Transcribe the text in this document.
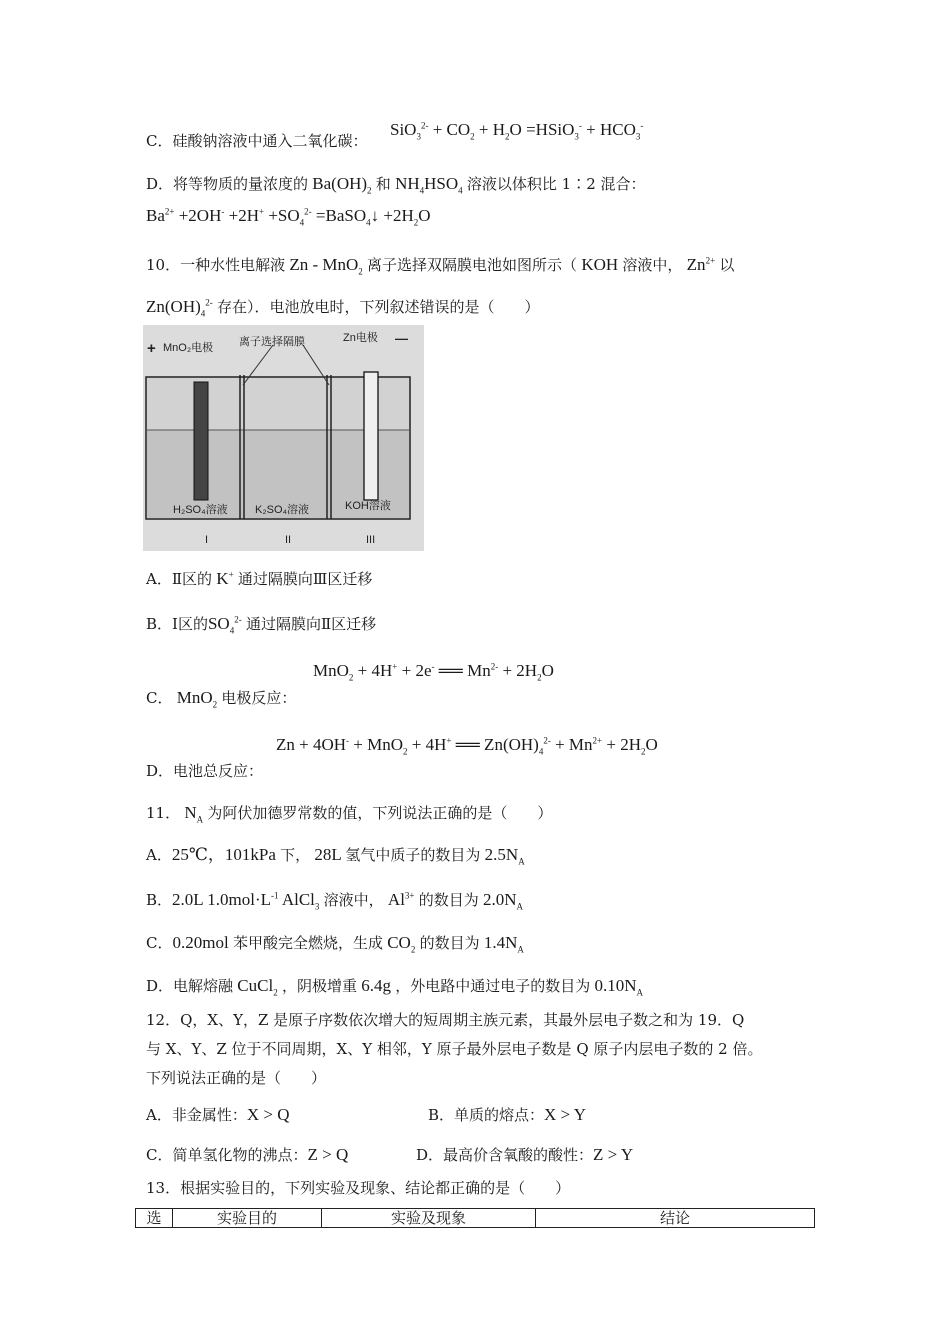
C．硅酸钠溶液中通入二氧化碳：
$SiO_3^{2-} + CO_2 + H_2O$ =HSiO$_3$- + $HCO_3^-$
D．将等物质的量浓度的 $Ba(OH)_2$ 和 $NH_4HSO_4$ 溶液以体积比 1∶2 混合：
$Ba^{2+} +2OH^- +2H^+ +SO_4^{2-}$ =BaSO$_4$↓ $+2H_2O$
10．一种水性电解液 Zn - MnO$_2$ 离子选择双隔膜电池如图所示（ KOH 溶液中， $Zn^{2+}$ 以
$Zn(OH)_4^{2-}$ 存在）．电池放电时，下列叙述错误的是（　　）
+
—
MnO₂电极 离子选择隔膜	Zn电极
H₂SO₄溶液 K₂SO₄溶液	KOH溶液
I	II	III
A．Ⅱ区的 K+ 通过隔膜向Ⅲ区迁移
B．Ⅰ区的$SO_4^{2-}$ 通过隔膜向Ⅱ区迁移
MnO$_2$ + 4H+ + 2e- ══ $Mn^{2-} + 2H_2O$
C． MnO$_2$ 电极反应：
Zn + 4OH- + MnO$_2$ + 4H+ ══ $Zn(OH)_4^{2-} + Mn^{2+} + 2H_2O$
D．电池总反应：
11． $N_A$ 为阿伏加德罗常数的值，下列说法正确的是（　　）
A．25℃，101kPa 下， 28L 氢气中质子的数目为 $2.5N_A$
B．2.0L $1.0mol\cdot L^{-1}$ AlCl$_3$ 溶液中， $Al^{3+}$ 的数目为 $2.0N_A$
C．0.20mol 苯甲酸完全燃烧，生成 $CO_2$ 的数目为 $1.4N_A$
D．电解熔融 CuCl$_2$ ，阴极增重 6.4g ，外电路中通过电子的数目为 $0.10N_A$
12．Q，X、Y，Z 是原子序数依次增大的短周期主族元素，其最外层电子数之和为 19．Q
与 X、Y、Z 位于不同周期，X、Y 相邻，Y 原子最外层电子数是 Q 原子内层电子数的 2 倍。
下列说法正确的是（　　）
A．非金属性：X > Q	B．单质的熔点：X > Y
C．简单氢化物的沸点：Z > Q	D．最高价含氧酸的酸性：Z > Y
13．根据实验目的，下列实验及现象、结论都正确的是（　　）
选	实验目的	实验及现象	结论
